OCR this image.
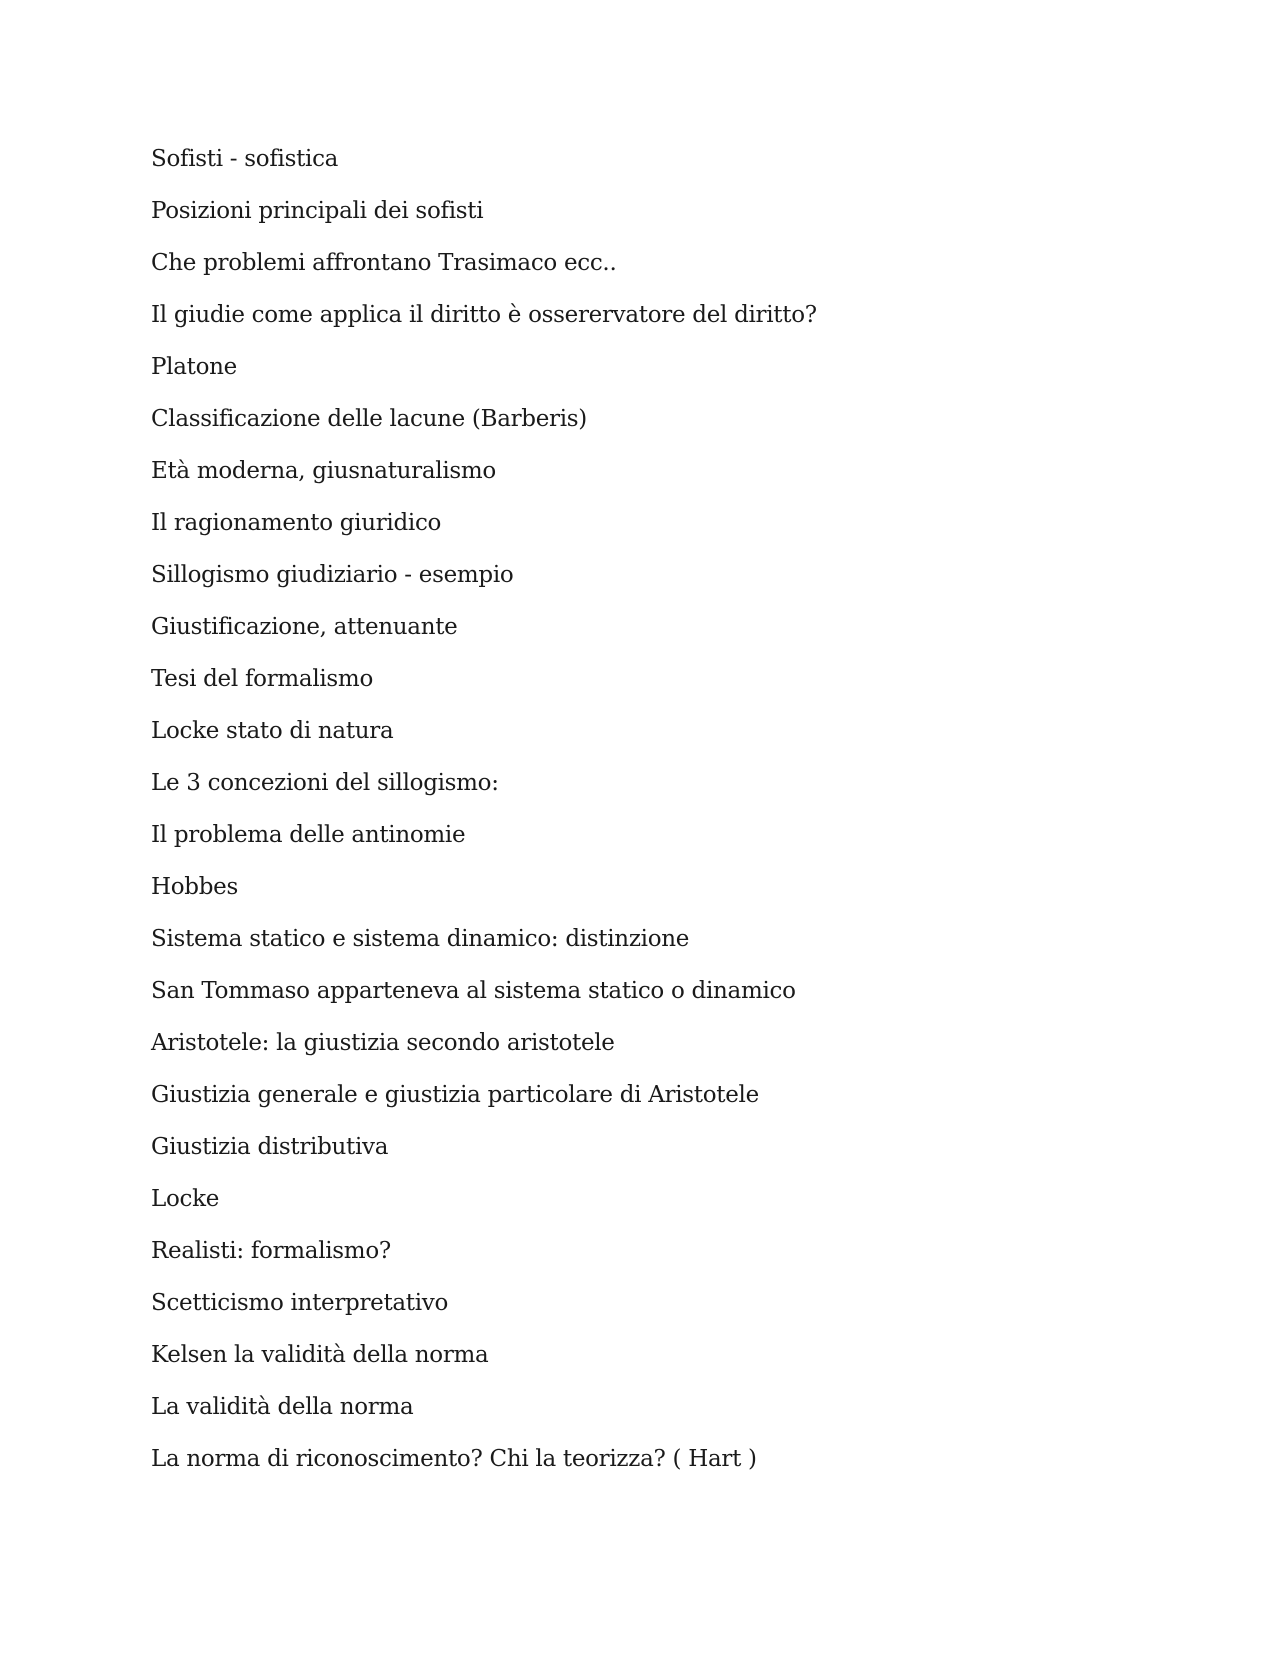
Sofisti - sofistica
Posizioni principali dei sofisti
Che problemi affrontano Trasimaco ecc..
Il giudie come applica il diritto è osserervatore del diritto?
Platone
Classificazione delle lacune (Barberis)
Età moderna, giusnaturalismo
Il ragionamento giuridico
Sillogismo giudiziario - esempio
Giustificazione, attenuante
Tesi del formalismo
Locke stato di natura
Le 3 concezioni del sillogismo:
Il problema delle antinomie
Hobbes
Sistema statico e sistema dinamico: distinzione
San Tommaso apparteneva al sistema statico o dinamico
Aristotele: la giustizia secondo aristotele
Giustizia generale e giustizia particolare di Aristotele
Giustizia distributiva
Locke
Realisti: formalismo?
Scetticismo interpretativo
Kelsen la validità della norma
La validità della norma
La norma di riconoscimento? Chi la teorizza? ( Hart )
